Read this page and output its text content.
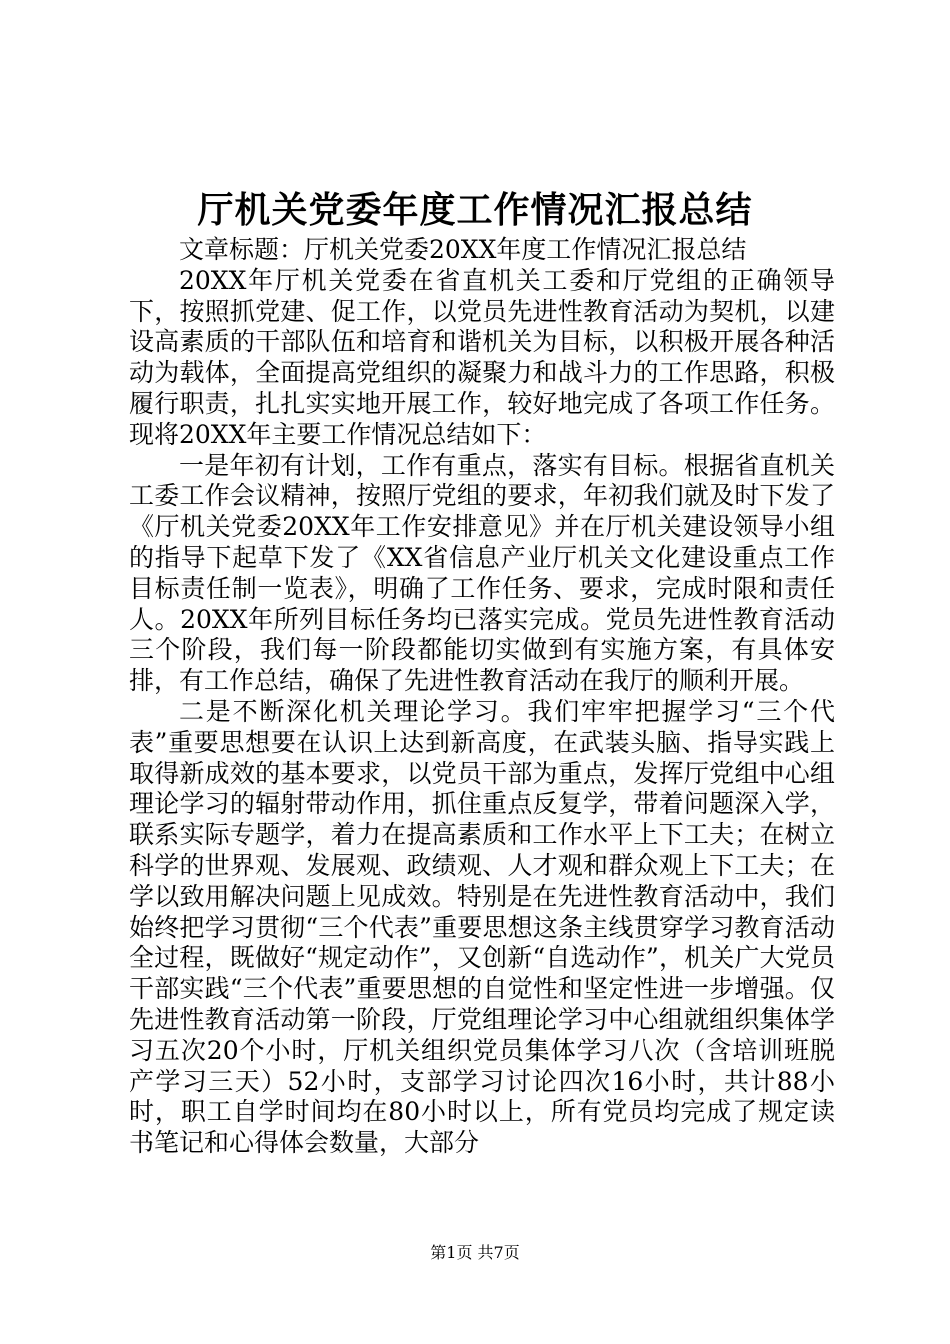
厅机关党委年度工作情况汇报总结

文章标题：厅机关党委20XX年度工作情况汇报总结

20XX年厅机关党委在省直机关工委和厅党组的正确领导下，按照抓党建、促工作，以党员先进性教育活动为契机，以建设高素质的干部队伍和培育和谐机关为目标，以积极开展各种活动为载体，全面提高党组织的凝聚力和战斗力的工作思路，积极履行职责，扎扎实实地开展工作，较好地完成了各项工作任务。现将20XX年主要工作情况总结如下：

一是年初有计划，工作有重点，落实有目标。根据省直机关工委工作会议精神，按照厅党组的要求，年初我们就及时下发了《厅机关党委20XX年工作安排意见》并在厅机关建设领导小组的指导下起草下发了《XX省信息产业厅机关文化建设重点工作目标责任制一览表》，明确了工作任务、要求，完成时限和责任人。20XX年所列目标任务均已落实完成。党员先进性教育活动三个阶段，我们每一阶段都能切实做到有实施方案，有具体安排，有工作总结，确保了先进性教育活动在我厅的顺利开展。

二是不断深化机关理论学习。我们牢牢把握学习“三个代表”重要思想要在认识上达到新高度，在武装头脑、指导实践上取得新成效的基本要求，以党员干部为重点，发挥厅党组中心组理论学习的辐射带动作用，抓住重点反复学，带着问题深入学，联系实际专题学，着力在提高素质和工作水平上下工夫；在树立科学的世界观、发展观、政绩观、人才观和群众观上下工夫；在学以致用解决问题上见成效。特别是在先进性教育活动中，我们始终把学习贯彻“三个代表”重要思想这条主线贯穿学习教育活动全过程，既做好“规定动作”，又创新“自选动作”，机关广大党员干部实践“三个代表”重要思想的自觉性和坚定性进一步增强。仅先进性教育活动第一阶段，厅党组理论学习中心组就组织集体学习五次20个小时，厅机关组织党员集体学习八次（含培训班脱产学习三天）52小时，支部学习讨论四次16小时，共计88小时，职工自学时间均在80小时以上，所有党员均完成了规定读书笔记和心得体会数量，大部分

第1页 共7页
